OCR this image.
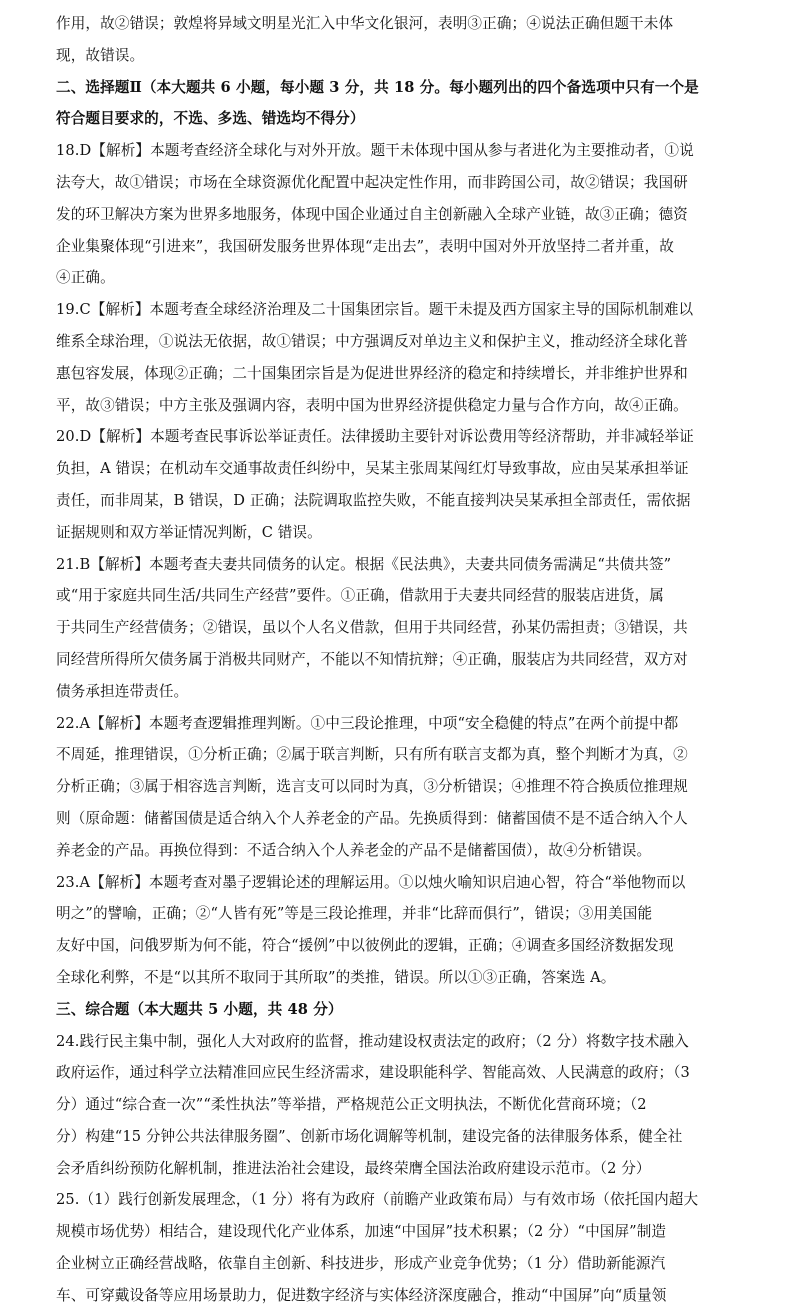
作用，故②错误；敦煌将异域文明星光汇入中华文化银河，表明③正确；④说法正确但题干未体
现，故错误。
二、选择题Ⅱ（本大题共 6 小题，每小题 3 分，共 18 分。每小题列出的四个备选项中只有一个是
符合题目要求的，不选、多选、错选均不得分）
18.D【解析】本题考查经济全球化与对外开放。题干未体现中国从参与者进化为主要推动者，①说
法夸大，故①错误；市场在全球资源优化配置中起决定性作用，而非跨国公司，故②错误；我国研
发的环卫解决方案为世界多地服务，体现中国企业通过自主创新融入全球产业链，故③正确；德资
企业集聚体现“引进来”，我国研发服务世界体现“走出去”，表明中国对外开放坚持二者并重，故
④正确。
19.C【解析】本题考查全球经济治理及二十国集团宗旨。题干未提及西方国家主导的国际机制难以
维系全球治理，①说法无依据，故①错误；中方强调反对单边主义和保护主义，推动经济全球化普
惠包容发展，体现②正确；二十国集团宗旨是为促进世界经济的稳定和持续增长，并非维护世界和
平，故③错误；中方主张及强调内容，表明中国为世界经济提供稳定力量与合作方向，故④正确。
20.D【解析】本题考查民事诉讼举证责任。法律援助主要针对诉讼费用等经济帮助，并非减轻举证
负担，A 错误；在机动车交通事故责任纠纷中，吴某主张周某闯红灯导致事故，应由吴某承担举证
责任，而非周某，B 错误，D 正确；法院调取监控失败，不能直接判决吴某承担全部责任，需依据
证据规则和双方举证情况判断，C 错误。
21.B【解析】本题考查夫妻共同债务的认定。根据《民法典》，夫妻共同债务需满足“共债共签”
或“用于家庭共同生活/共同生产经营”要件。①正确，借款用于夫妻共同经营的服装店进货，属
于共同生产经营债务；②错误，虽以个人名义借款，但用于共同经营，孙某仍需担责；③错误，共
同经营所得所欠债务属于消极共同财产，不能以不知情抗辩；④正确，服装店为共同经营，双方对
债务承担连带责任。
22.A【解析】本题考查逻辑推理判断。①中三段论推理，中项“安全稳健的特点”在两个前提中都
不周延，推理错误，①分析正确；②属于联言判断，只有所有联言支都为真，整个判断才为真，②
分析正确；③属于相容选言判断，选言支可以同时为真，③分析错误；④推理不符合换质位推理规
则（原命题：储蓄国债是适合纳入个人养老金的产品。先换质得到：储蓄国债不是不适合纳入个人
养老金的产品。再换位得到：不适合纳入个人养老金的产品不是储蓄国债），故④分析错误。
23.A【解析】本题考查对墨子逻辑论述的理解运用。①以烛火喻知识启迪心智，符合“举他物而以
明之”的譬喻，正确；②“人皆有死”等是三段论推理，并非“比辞而俱行”，错误；③用美国能
友好中国，问俄罗斯为何不能，符合“援例”中以彼例此的逻辑，正确；④调查多国经济数据发现
全球化利弊，不是“以其所不取同于其所取”的类推，错误。所以①③正确，答案选 A。
三、综合题（本大题共 5 小题，共 48 分）
24.践行民主集中制，强化人大对政府的监督，推动建设权责法定的政府；（2 分）将数字技术融入
政府运作，通过科学立法精准回应民生经济需求，建设职能科学、智能高效、人民满意的政府；（3
分）通过“综合查一次”“柔性执法”等举措，严格规范公正文明执法，不断优化营商环境；（2
分）构建“15 分钟公共法律服务圈”、创新市场化调解等机制，建设完备的法律服务体系，健全社
会矛盾纠纷预防化解机制，推进法治社会建设，最终荣膺全国法治政府建设示范市。（2 分）
25.（1）践行创新发展理念，（1 分）将有为政府（前瞻产业政策布局）与有效市场（依托国内超大
规模市场优势）相结合，建设现代化产业体系，加速“中国屏”技术积累；（2 分）“中国屏”制造
企业树立正确经营战略，依靠自主创新、科技进步，形成产业竞争优势；（1 分）借助新能源汽
车、可穿戴设备等应用场景助力，促进数字经济与实体经济深度融合，推动“中国屏”向“质量领
